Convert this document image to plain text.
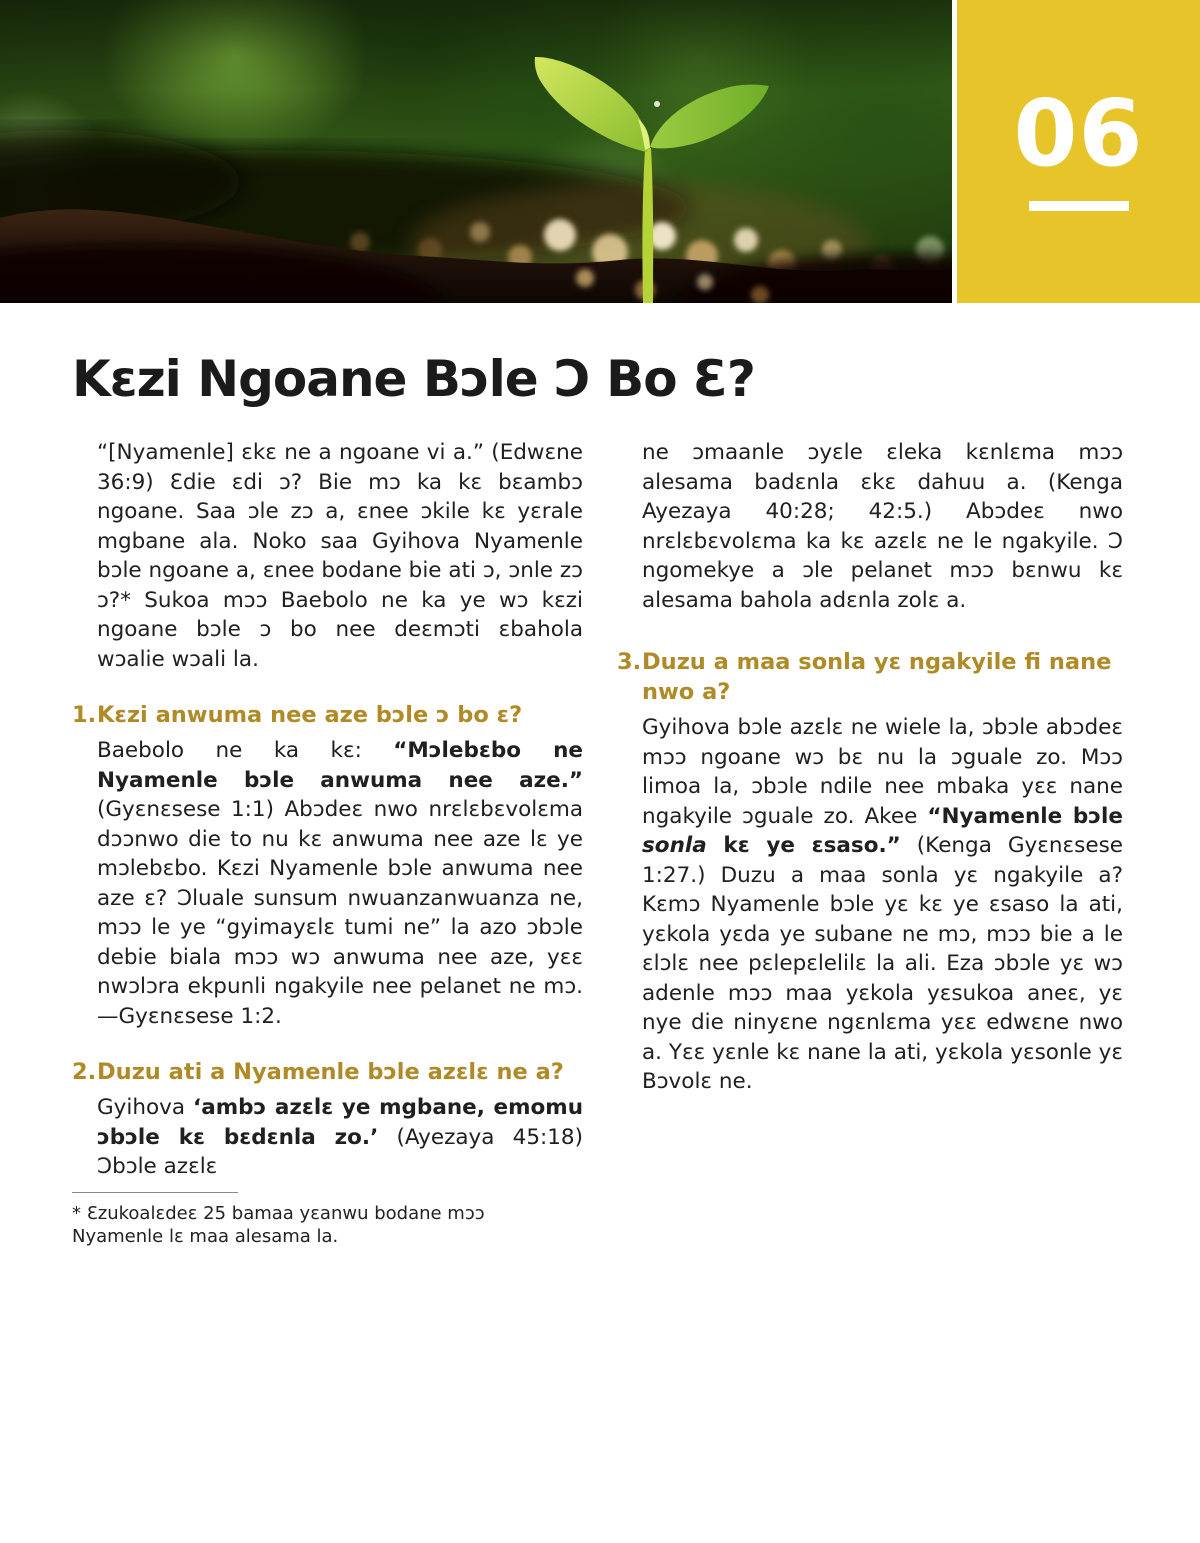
06
Kɛzi Ngoane Bɔle Ɔ Bo Ɛ?

“[Nyamenle] ɛkɛ ne a ngoane vi a.” (Edwɛne 36:9) Ɛdie ɛdi ɔ? Bie mɔ ka kɛ bɛambɔ ngoane. Saa ɔle zɔ a, ɛnee ɔkile kɛ yɛrale mgbane ala. Noko saa Gyihova Nyamenle bɔle ngoane a, ɛnee bodane bie ati ɔ, ɔnle zɔ ɔ?* Sukoa mɔɔ Baebolo ne ka ye wɔ kɛzi ngoane bɔle ɔ bo nee deɛmɔti ɛbahola wɔalie wɔali la.

1. Kɛzi anwuma nee aze bɔle ɔ bo ɛ?

Baebolo ne ka kɛ: “Mɔlebɛbo ne Nyamenle bɔle anwuma nee aze.” (Gyɛnɛsese 1:1) Abɔdeɛ nwo nrɛlɛbɛvolɛma dɔɔnwo die to nu kɛ anwuma nee aze lɛ ye mɔlebɛbo. Kɛzi Nyamenle bɔle anwuma nee aze ɛ? Ɔluale sunsum nwuanzanwuanza ne, mɔɔ le ye “gyimayɛlɛ tumi ne” la azo ɔbɔle debie biala mɔɔ wɔ anwuma nee aze, yɛɛ nwɔlɔra ekpunli ngakyile nee pelanet ne mɔ.—Gyɛnɛsese 1:2.

2. Duzu ati a Nyamenle bɔle azɛlɛ ne a?

Gyihova ‘ambɔ azɛlɛ ye mgbane, emomu ɔbɔle kɛ bɛdɛnla zo.’ (Ayezaya 45:18) Ɔbɔle azɛlɛ

* Ɛzukoalɛdeɛ 25 bamaa yɛanwu bodane mɔɔ Nyamenle lɛ maa alesama la.

ne ɔmaanle ɔyɛle ɛleka kɛnlɛma mɔɔ alesama badɛnla ɛkɛ dahuu a. (Kenga Ayezaya 40:28; 42:5.) Abɔdeɛ nwo nrɛlɛbɛvolɛma ka kɛ azɛlɛ ne le ngakyile. Ɔ ngomekye a ɔle pelanet mɔɔ bɛnwu kɛ alesama bahola adɛnla zolɛ a.

3. Duzu a maa sonla yɛ ngakyile fi nane nwo a?

Gyihova bɔle azɛlɛ ne wiele la, ɔbɔle abɔdeɛ mɔɔ ngoane wɔ bɛ nu la ɔguale zo. Mɔɔ limoa la, ɔbɔle ndile nee mbaka yɛɛ nane ngakyile ɔguale zo. Akee “Nyamenle bɔle sonla kɛ ye ɛsaso.” (Kenga Gyɛnɛsese 1:27.) Duzu a maa sonla yɛ ngakyile a? Kɛmɔ Nyamenle bɔle yɛ kɛ ye ɛsaso la ati, yɛkola yɛda ye subane ne mɔ, mɔɔ bie a le ɛlɔlɛ nee pɛlepɛlelilɛ la ali. Eza ɔbɔle yɛ wɔ adenle mɔɔ maa yɛkola yɛsukoa aneɛ, yɛ nye die ninyɛne ngɛnlɛma yɛɛ edwɛne nwo a. Yɛɛ yɛnle kɛ nane la ati, yɛkola yɛsonle yɛ Bɔvolɛ ne.
